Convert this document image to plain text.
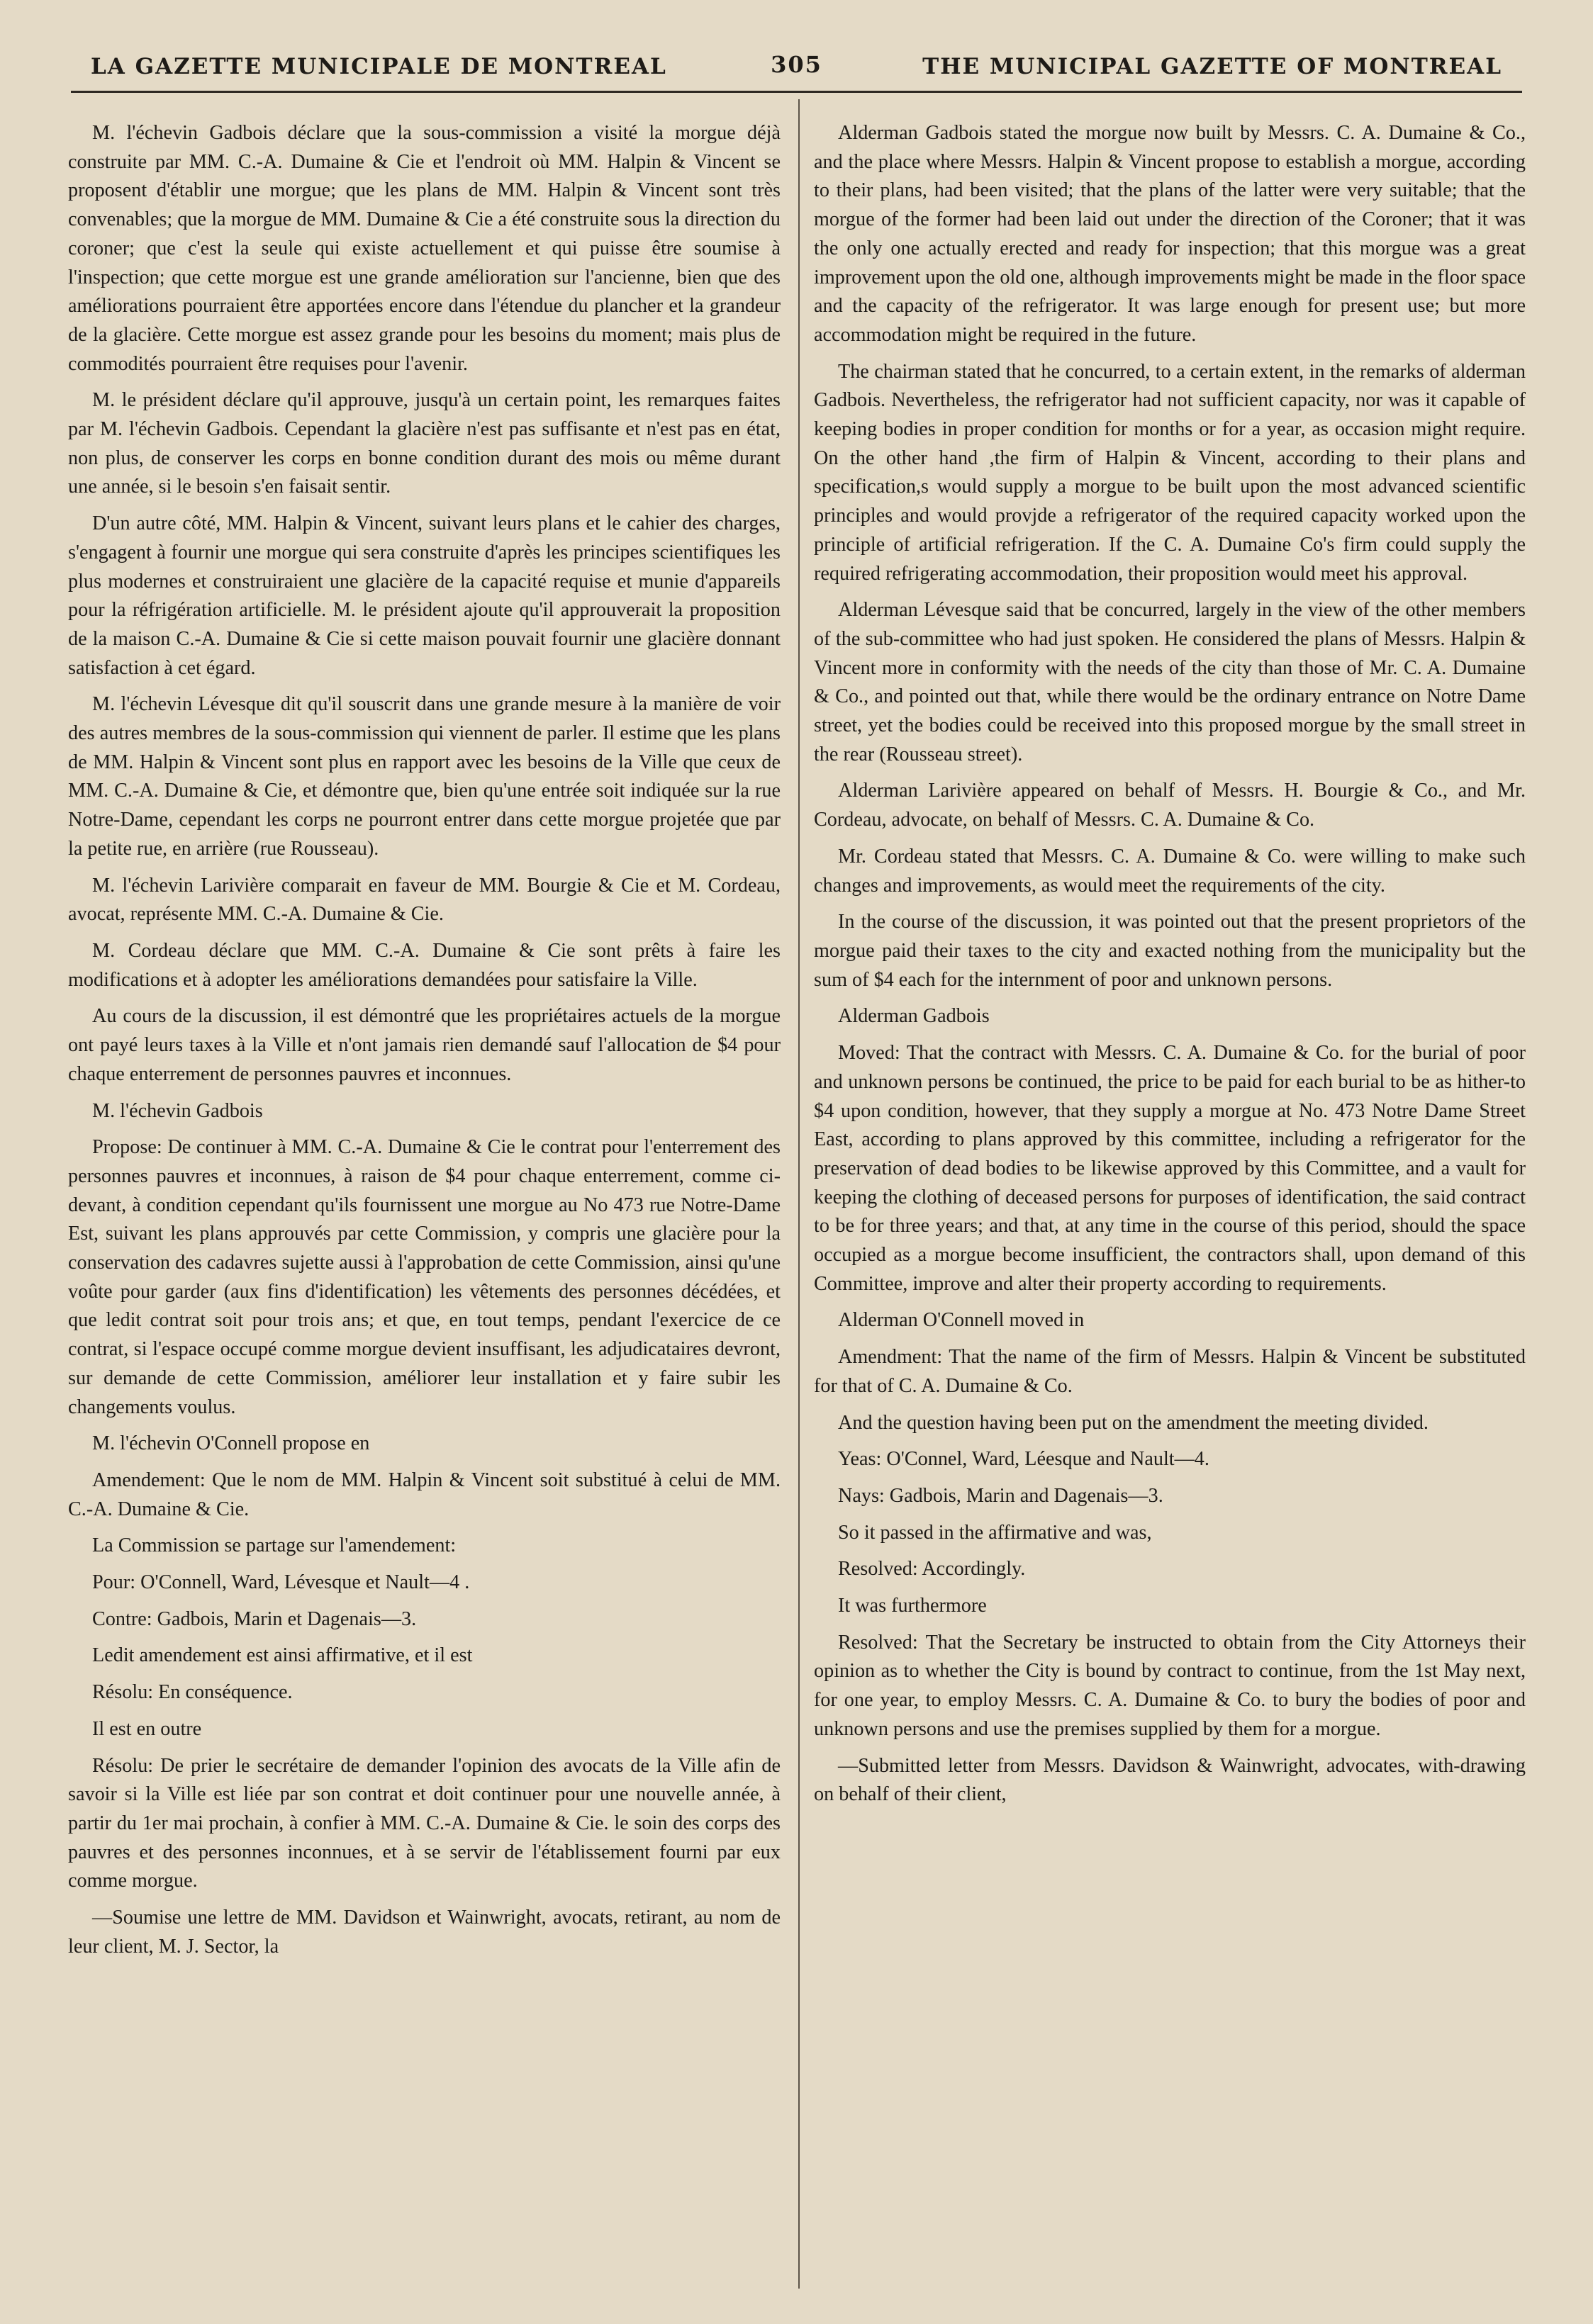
LA GAZETTE MUNICIPALE DE MONTREAL	305	THE MUNICIPAL GAZETTE OF MONTREAL

M. l'échevin Gadbois déclare que la sous-commission a visité la morgue déjà construite par MM. C.-A. Dumaine & Cie et l'endroit où MM. Halpin & Vincent se proposent d'établir une morgue; que les plans de MM. Halpin & Vincent sont très convenables; que la morgue de MM. Dumaine & Cie a été construite sous la direction du coroner; que c'est la seule qui existe actuellement et qui puisse être soumise à l'inspection; que cette morgue est une grande amélioration sur l'ancienne, bien que des améliorations pourraient être apportées encore dans l'étendue du plancher et la grandeur de la glacière. Cette morgue est assez grande pour les besoins du moment; mais plus de commodités pourraient être requises pour l'avenir.

M. le président déclare qu'il approuve, jusqu'à un certain point, les remarques faites par M. l'échevin Gadbois. Cependant la glacière n'est pas suffisante et n'est pas en état, non plus, de conserver les corps en bonne condition durant des mois ou même durant une année, si le besoin s'en faisait sentir.

D'un autre côté, MM. Halpin & Vincent, suivant leurs plans et le cahier des charges, s'engagent à fournir une morgue qui sera construite d'après les principes scientifiques les plus modernes et construiraient une glacière de la capacité requise et munie d'appareils pour la réfrigération artificielle. M. le président ajoute qu'il approuverait la proposition de la maison C.-A. Dumaine & Cie si cette maison pouvait fournir une glacière donnant satisfaction à cet égard.

M. l'échevin Lévesque dit qu'il souscrit dans une grande mesure à la manière de voir des autres membres de la sous-commission qui viennent de parler. Il estime que les plans de MM. Halpin & Vincent sont plus en rapport avec les besoins de la Ville que ceux de MM. C.-A. Dumaine & Cie, et démontre que, bien qu'une entrée soit indiquée sur la rue Notre-Dame, cependant les corps ne pourront entrer dans cette morgue projetée que par la petite rue, en arrière (rue Rousseau).

M. l'échevin Larivière comparait en faveur de MM. Bourgie & Cie et M. Cordeau, avocat, représente MM. C.-A. Dumaine & Cie.

M. Cordeau déclare que MM. C.-A. Dumaine & Cie sont prêts à faire les modifications et à adopter les améliorations demandées pour satisfaire la Ville.

Au cours de la discussion, il est démontré que les propriétaires actuels de la morgue ont payé leurs taxes à la Ville et n'ont jamais rien demandé sauf l'allocation de $4 pour chaque enterrement de personnes pauvres et inconnues.

M. l'échevin Gadbois

Propose: De continuer à MM. C.-A. Dumaine & Cie le contrat pour l'enterrement des personnes pauvres et inconnues, à raison de $4 pour chaque enterrement, comme ci-devant, à condition cependant qu'ils fournissent une morgue au No 473 rue Notre-Dame Est, suivant les plans approuvés par cette Commission, y compris une glacière pour la conservation des cadavres sujette aussi à l'approbation de cette Commission, ainsi qu'une voûte pour garder (aux fins d'identification) les vêtements des personnes décédées, et que ledit contrat soit pour trois ans; et que, en tout temps, pendant l'exercice de ce contrat, si l'espace occupé comme morgue devient insuffisant, les adjudicataires devront, sur demande de cette Commission, améliorer leur installation et y faire subir les changements voulus.

M. l'échevin O'Connell propose en

Amendement: Que le nom de MM. Halpin & Vincent soit substitué à celui de MM. C.-A. Dumaine & Cie.

La Commission se partage sur l'amendement:

Pour: O'Connell, Ward, Lévesque et Nault—4 .

Contre: Gadbois, Marin et Dagenais—3.

Ledit amendement est ainsi affirmative, et il est

Résolu: En conséquence.

Il est en outre

Résolu: De prier le secrétaire de demander l'opinion des avocats de la Ville afin de savoir si la Ville est liée par son contrat et doit continuer pour une nouvelle année, à partir du 1er mai prochain, à confier à MM. C.-A. Dumaine & Cie. le soin des corps des pauvres et des personnes inconnues, et à se servir de l'établissement fourni par eux comme morgue.

—Soumise une lettre de MM. Davidson et Wainwright, avocats, retirant, au nom de leur client, M. J. Sector, la

Alderman Gadbois stated the morgue now built by Messrs. C. A. Dumaine & Co., and the place where Messrs. Halpin & Vincent propose to establish a morgue, according to their plans, had been visited; that the plans of the latter were very suitable; that the morgue of the former had been laid out under the direction of the Coroner; that it was the only one actually erected and ready for inspection; that this morgue was a great improvement upon the old one, although improvements might be made in the floor space and the capacity of the refrigerator. It was large enough for present use; but more accommodation might be required in the future.

The chairman stated that he concurred, to a certain extent, in the remarks of alderman Gadbois. Nevertheless, the refrigerator had not sufficient capacity, nor was it capable of keeping bodies in proper condition for months or for a year, as occasion might require. On the other hand ,the firm of Halpin & Vincent, according to their plans and specification,s would supply a morgue to be built upon the most advanced scientific principles and would provjde a refrigerator of the required capacity worked upon the principle of artificial refrigeration. If the C. A. Dumaine Co's firm could supply the required refrigerating accommodation, their proposition would meet his approval.

Alderman Lévesque said that be concurred, largely in the view of the other members of the sub-committee who had just spoken. He considered the plans of Messrs. Halpin & Vincent more in conformity with the needs of the city than those of Mr. C. A. Dumaine & Co., and pointed out that, while there would be the ordinary entrance on Notre Dame street, yet the bodies could be received into this proposed morgue by the small street in the rear (Rousseau street).

Alderman Larivière appeared on behalf of Messrs. H. Bourgie & Co., and Mr. Cordeau, advocate, on behalf of Messrs. C. A. Dumaine & Co.

Mr. Cordeau stated that Messrs. C. A. Dumaine & Co. were willing to make such changes and improvements, as would meet the requirements of the city.

In the course of the discussion, it was pointed out that the present proprietors of the morgue paid their taxes to the city and exacted nothing from the municipality but the sum of $4 each for the internment of poor and unknown persons.

Alderman Gadbois

Moved: That the contract with Messrs. C. A. Dumaine & Co. for the burial of poor and unknown persons be continued, the price to be paid for each burial to be as hither-to $4 upon condition, however, that they supply a morgue at No. 473 Notre Dame Street East, according to plans approved by this committee, including a refrigerator for the preservation of dead bodies to be likewise approved by this Committee, and a vault for keeping the clothing of deceased persons for purposes of identification, the said contract to be for three years; and that, at any time in the course of this period, should the space occupied as a morgue become insufficient, the contractors shall, upon demand of this Committee, improve and alter their property according to requirements.

Alderman O'Connell moved in

Amendment: That the name of the firm of Messrs. Halpin & Vincent be substituted for that of C. A. Dumaine & Co.

And the question having been put on the amendment the meeting divided.

Yeas: O'Connel, Ward, Léesque and Nault—4.

Nays: Gadbois, Marin and Dagenais—3.

So it passed in the affirmative and was,

Resolved: Accordingly.

It was furthermore

Resolved: That the Secretary be instructed to obtain from the City Attorneys their opinion as to whether the City is bound by contract to continue, from the 1st May next, for one year, to employ Messrs. C. A. Dumaine & Co. to bury the bodies of poor and unknown persons and use the premises supplied by them for a morgue.

—Submitted letter from Messrs. Davidson & Wainwright, advocates, with-drawing on behalf of their client,
